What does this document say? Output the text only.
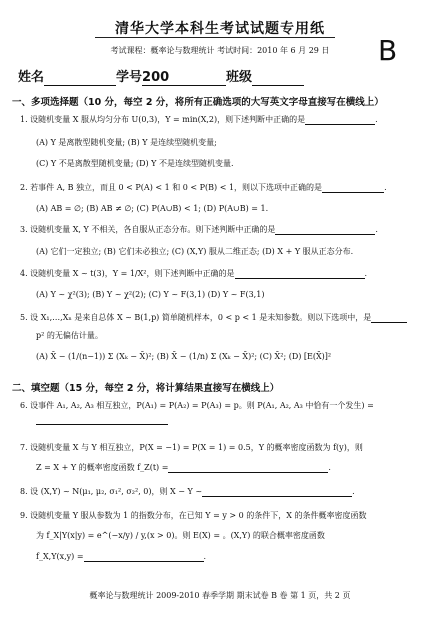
清华大学本科生考试试题专用纸
B
考试课程：概率论与数理统计 考试时间：2010 年 6 月 29 日
姓名	学号200	班级
一、多项选择题（10 分，每空 2 分，将所有正确选项的大写英文字母直接写在横线上）
1. 设随机变量 X 服从均匀分布 U(0,3)，Y = min(X,2)，则下述判断中正确的是	.
(A) Y 是离散型随机变量; (B) Y 是连续型随机变量;
(C) Y 不是离散型随机变量; (D) Y 不是连续型随机变量.
2. 若事件 A, B 独立，而且 0 < P(A) < 1 和 0 < P(B) < 1，则以下选项中正确的是	.
(A) AB = ∅; (B) AB ≠ ∅; (C) P(A∪B) < 1; (D) P(A∪B) = 1.
3. 设随机变量 X, Y 不相关，各自服从正态分布。则下述判断中正确的是	.
(A) 它们一定独立; (B) 它们未必独立; (C) (X,Y) 服从二维正态; (D) X + Y 服从正态分布.
4. 设随机变量 X ~ t(3)，Y = 1/X²，则下述判断中正确的是	.
(A) Y ~ χ²(3); (B) Y ~ χ²(2); (C) Y ~ F(3,1) (D) Y ~ F(3,1)
5. 设 X₁,…,Xₙ 是来自总体 X ~ B(1,p) 简单随机样本，0 < p < 1 是未知参数。则以下选项中，是
p² 的无偏估计量。
(A) X̄ − (1/(n−1)) Σ (Xₖ − X̄)²; (B) X̄ − (1/n) Σ (Xₖ − X̄)²; (C) X̄²; (D) [E(X̄)]²
二、填空题（15 分，每空 2 分，将计算结果直接写在横线上）
6. 设事件 A₁, A₂, A₃ 相互独立，P(A₁) = P(A₂) = P(A₃) = p。则 P(A₁, A₂, A₃ 中恰有一个发生) =
7. 设随机变量 X 与 Y 相互独立，P(X = −1) = P(X = 1) = 0.5，Y 的概率密度函数为 f(y)，则
Z = X + Y 的概率密度函数 f_Z(t) =	.
8. 设 (X,Y) ~ N(μ₁, μ₂, σ₁², σ₂², 0)，则 X − Y ~	.
9. 设随机变量 Y 服从参数为 1 的指数分布，在已知 Y = y > 0 的条件下，X 的条件概率密度函数
为 f_X|Y(x|y) = e^(−x/y) / y,(x > 0)。则 E(X) = 。(X,Y) 的联合概率密度函数
f_X,Y(x,y) =	.
概率论与数理统计 2009-2010 春季学期 期末试卷 B 卷 第 1 页，共 2 页
